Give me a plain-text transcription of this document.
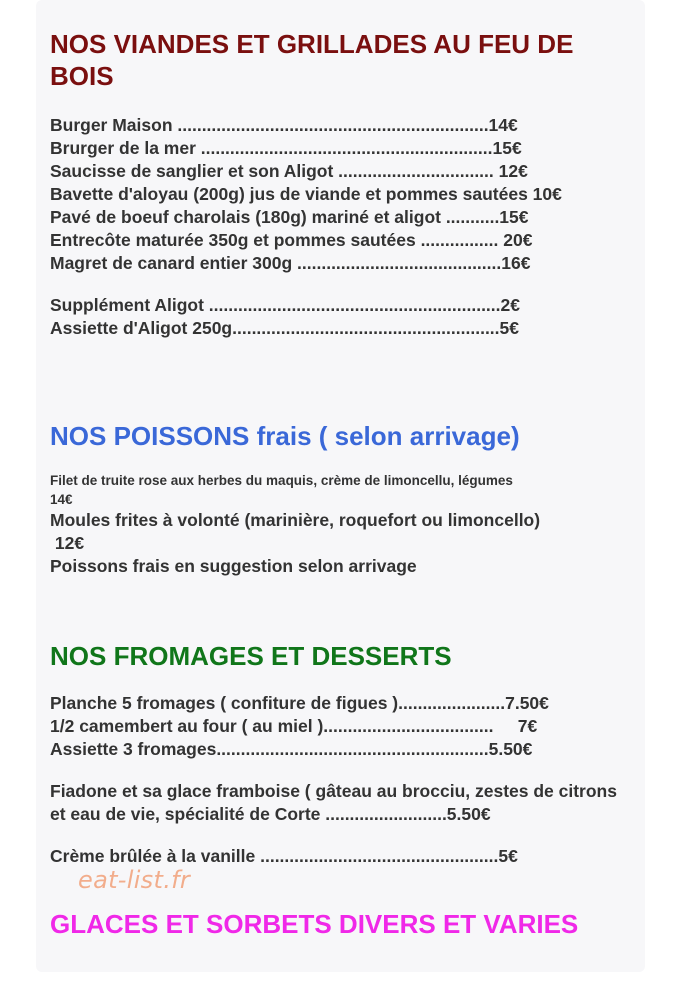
NOS VIANDES ET GRILLADES AU FEU DE BOIS
Burger Maison ................................................................14€
Brurger de la mer ............................................................15€
Saucisse de sanglier et son Aligot ................................ 12€
Bavette d'aloyau (200g) jus de viande et pommes sautées 10€
Pavé de boeuf charolais (180g) mariné et aligot ...........15€
Entrecôte maturée 350g et pommes sautées ................ 20€
Magret de canard entier 300g ..........................................16€
Supplément Aligot ............................................................2€
Assiette d'Aligot 250g.......................................................5€
NOS POISSONS frais ( selon arrivage)
Filet de truite rose aux herbes du maquis, crème de limoncellu, légumes
14€
Moules frites à volonté (marinière, roquefort ou limoncello)
12€
Poissons frais en suggestion selon arrivage
NOS FROMAGES ET DESSERTS
Planche 5 fromages ( confiture de figues )......................7.50€
1/2 camembert au four ( au miel )...................................     7€
Assiette 3 fromages........................................................5.50€
Fiadone et sa glace framboise ( gâteau au brocciu, zestes de citrons et eau de vie, spécialité de Corte .........................5.50€
Crème brûlée à la vanille .................................................5€
eat-list.fr
GLACES ET SORBETS DIVERS ET VARIES
